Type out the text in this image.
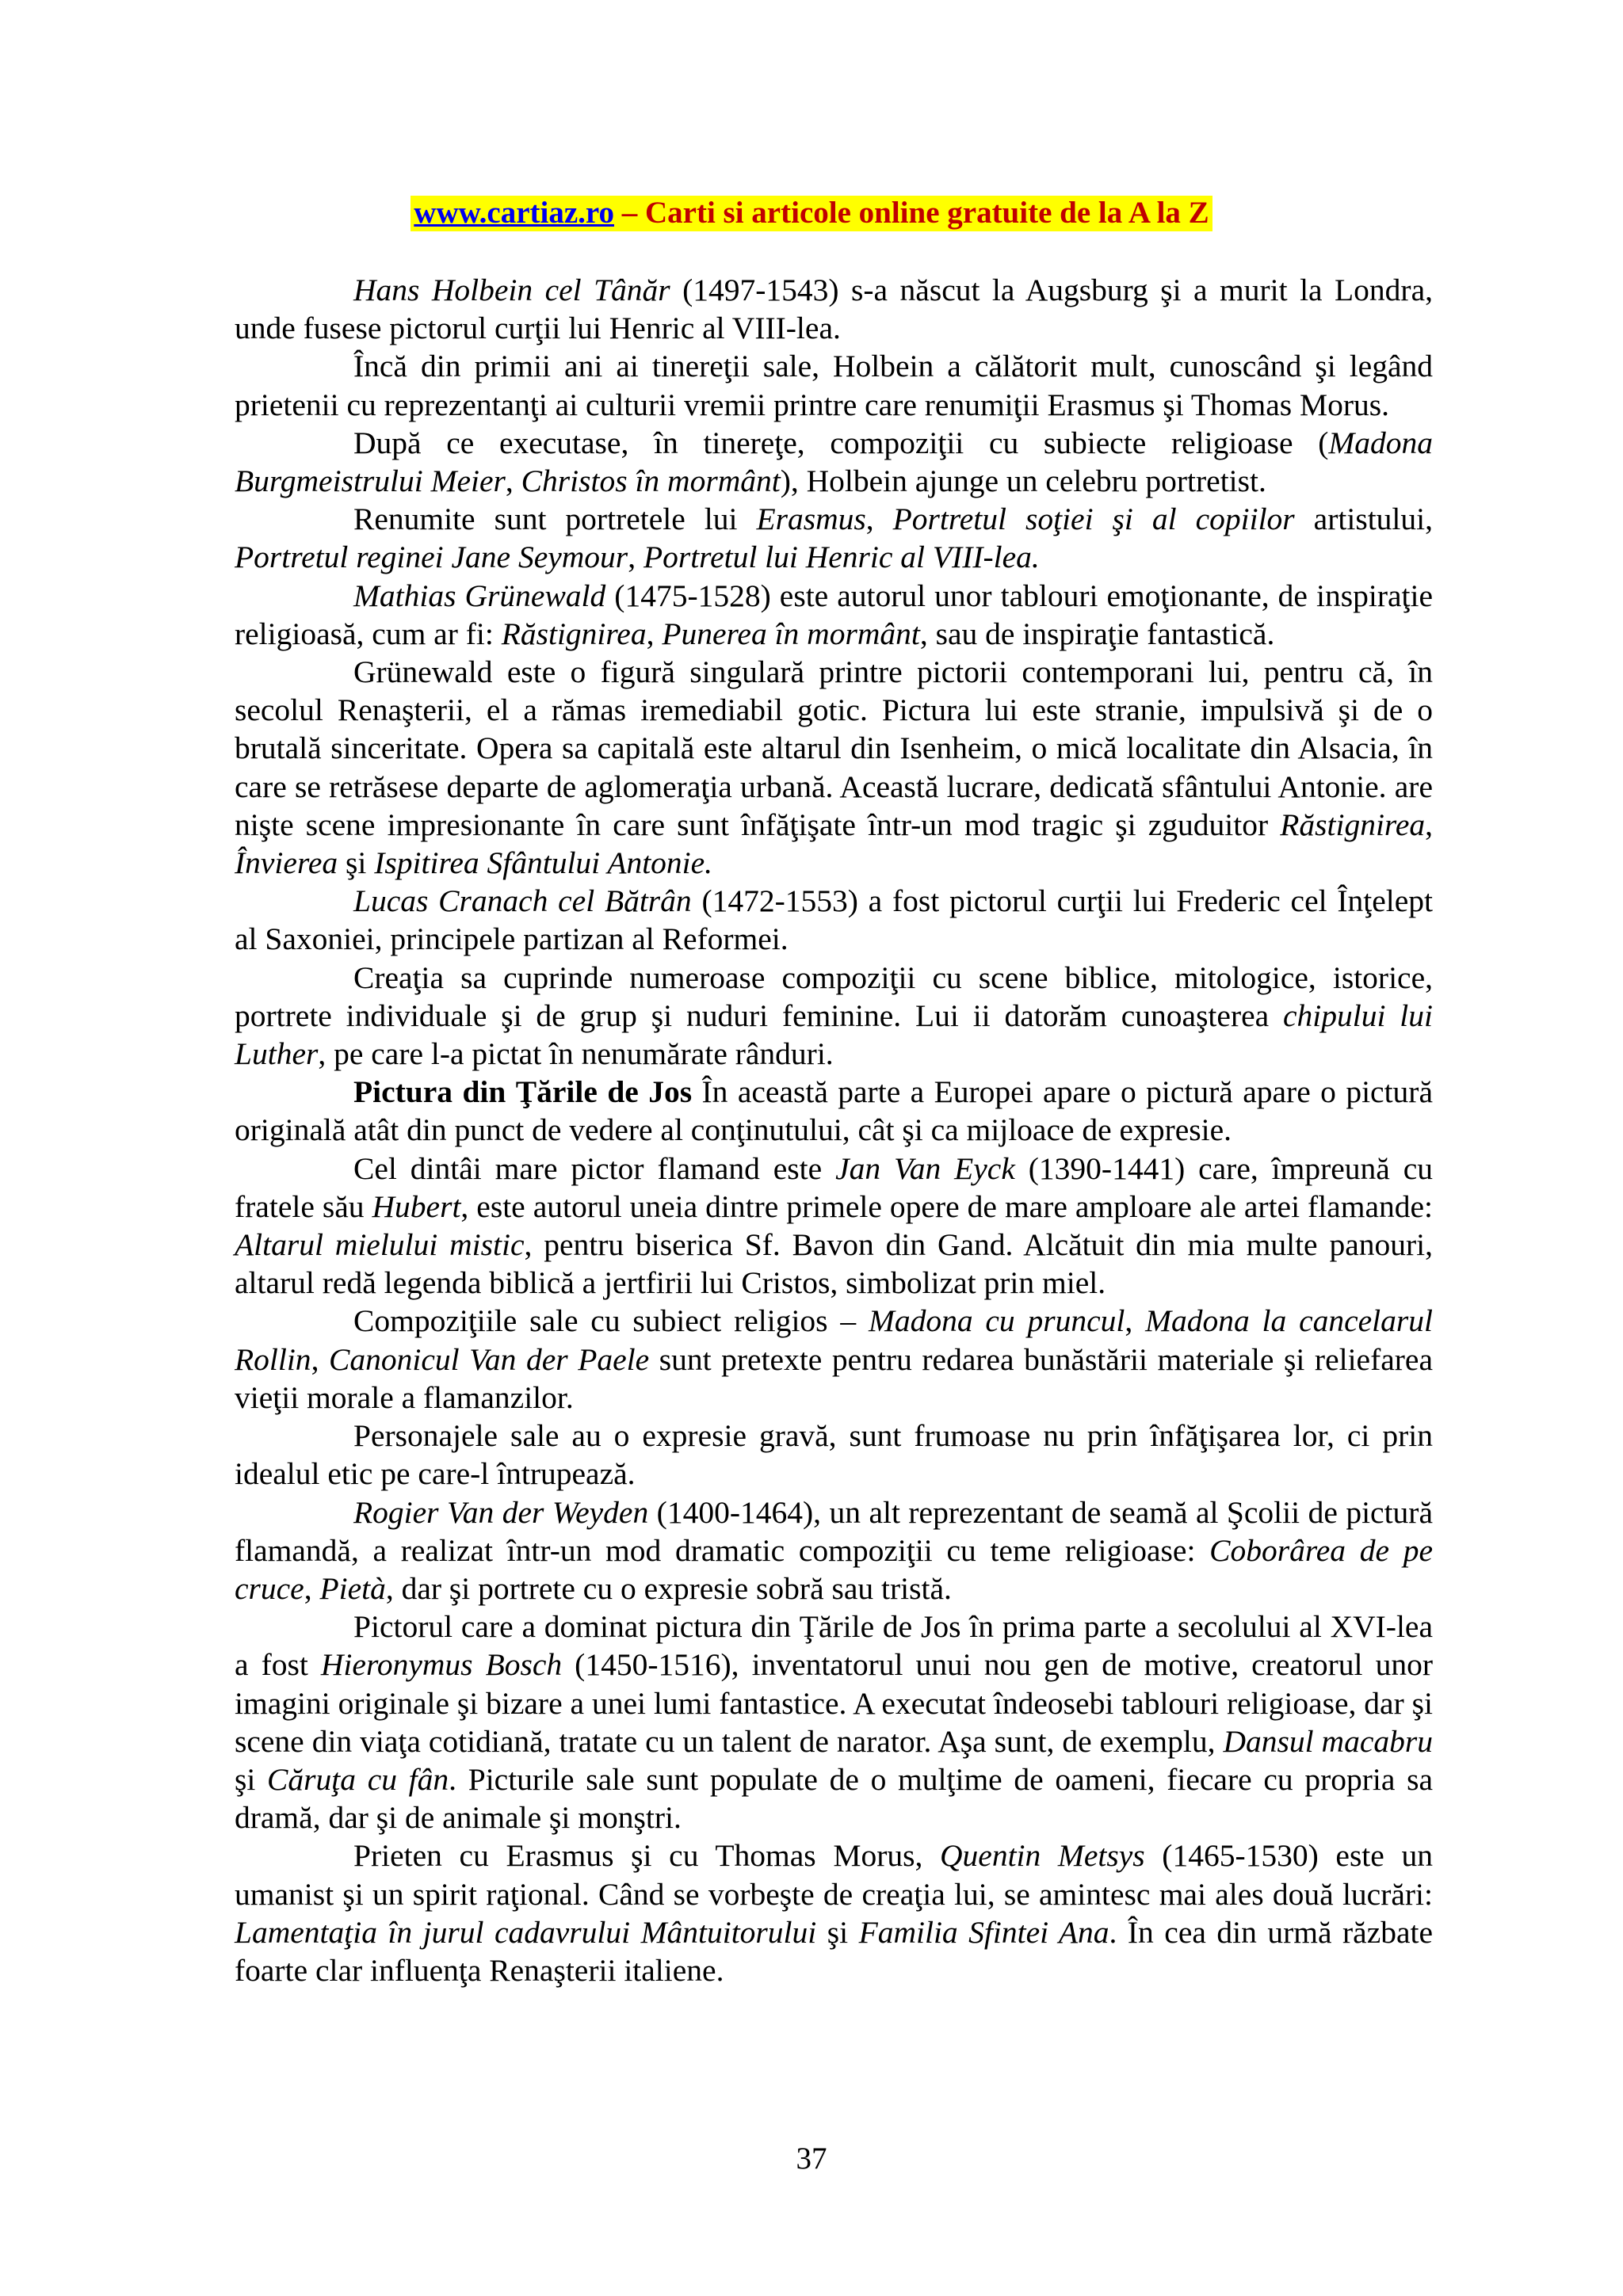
www.cartiaz.ro – Carti si articole online gratuite de la A la Z

Hans Holbein cel Tânăr (1497-1543) s-a născut la Augsburg şi a murit la Londra, unde fusese pictorul curţii lui Henric al VIII-lea.

Încă din primii ani ai tinereţii sale, Holbein a călătorit mult, cunoscând şi legând prietenii cu reprezentanţi ai culturii vremii printre care renumiţii Erasmus şi Thomas Morus.

După ce executase, în tinereţe, compoziţii cu subiecte religioase (Madona Burgmeistrului Meier, Christos în mormânt), Holbein ajunge un celebru portretist.

Renumite sunt portretele lui Erasmus, Portretul soţiei şi al copiilor artistului, Portretul reginei Jane Seymour, Portretul lui Henric al VIII-lea.

Mathias Grünewald (1475-1528) este autorul unor tablouri emoţionante, de inspiraţie religioasă, cum ar fi: Răstignirea, Punerea în mormânt, sau de inspiraţie fantastică.

Grünewald este o figură singulară printre pictorii contemporani lui, pentru că, în secolul Renaşterii, el a rămas iremediabil gotic. Pictura lui este stranie, impulsivă şi de o brutală sinceritate. Opera sa capitală este altarul din Isenheim, o mică localitate din Alsacia, în care se retrăsese departe de aglomeraţia urbană. Această lucrare, dedicată sfântului Antonie. are nişte scene impresionante în care sunt înfăţişate într-un mod tragic şi zguduitor Răstignirea, Învierea şi Ispitirea Sfântului Antonie.

Lucas Cranach cel Bătrân (1472-1553) a fost pictorul curţii lui Frederic cel Înţelept al Saxoniei, principele partizan al Reformei.

Creaţia sa cuprinde numeroase compoziţii cu scene biblice, mitologice, istorice, portrete individuale şi de grup şi nuduri feminine. Lui ii datorăm cunoaşterea chipului lui Luther, pe care l-a pictat în nenumărate rânduri.

Pictura din Ţările de Jos În această parte a Europei apare o pictură apare o pictură originală atât din punct de vedere al conţinutului, cât şi ca mijloace de expresie.

Cel dintâi mare pictor flamand este Jan Van Eyck (1390-1441) care, împreună cu fratele său Hubert, este autorul uneia dintre primele opere de mare amploare ale artei flamande: Altarul mielului mistic, pentru biserica Sf. Bavon din Gand. Alcătuit din mia multe panouri, altarul redă legenda biblică a jertfirii lui Cristos, simbolizat prin miel.

Compoziţiile sale cu subiect religios – Madona cu pruncul, Madona la cancelarul Rollin, Canonicul Van der Paele sunt pretexte pentru redarea bunăstării materiale şi reliefarea vieţii morale a flamanzilor.

Personajele sale au o expresie gravă, sunt frumoase nu prin înfăţişarea lor, ci prin idealul etic pe care-l întrupează.

Rogier Van der Weyden (1400-1464), un alt reprezentant de seamă al Şcolii de pictură flamandă, a realizat într-un mod dramatic compoziţii cu teme religioase: Coborârea de pe cruce, Pietà, dar şi portrete cu o expresie sobră sau tristă.

Pictorul care a dominat pictura din Ţările de Jos în prima parte a secolului al XVI-lea a fost Hieronymus Bosch (1450-1516), inventatorul unui nou gen de motive, creatorul unor imagini originale şi bizare a unei lumi fantastice. A executat îndeosebi tablouri religioase, dar şi scene din viaţa cotidiană, tratate cu un talent de narator. Aşa sunt, de exemplu, Dansul macabru şi Căruţa cu fân. Picturile sale sunt populate de o mulţime de oameni, fiecare cu propria sa dramă, dar şi de animale şi monştri.

Prieten cu Erasmus şi cu Thomas Morus, Quentin Metsys (1465-1530) este un umanist şi un spirit raţional. Când se vorbeşte de creaţia lui, se amintesc mai ales două lucrări: Lamentaţia în jurul cadavrului Mântuitorului şi Familia Sfintei Ana. În cea din urmă răzbate foarte clar influenţa Renaşterii italiene.

37
